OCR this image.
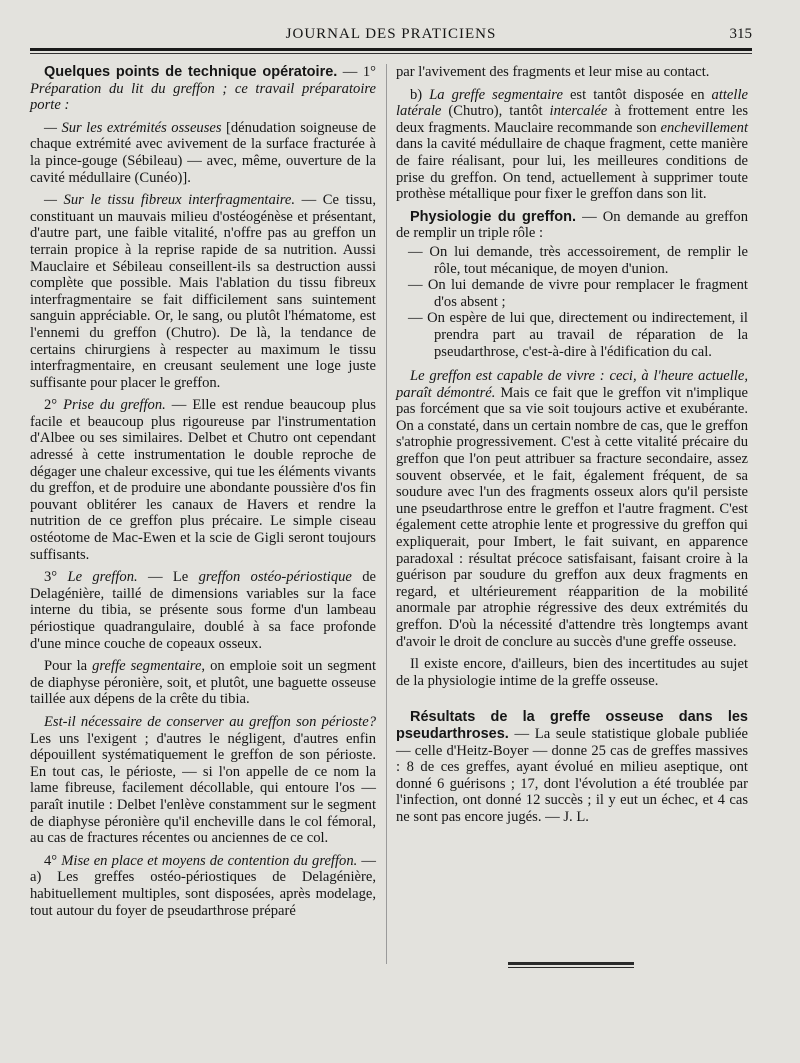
JOURNAL DES PRATICIENS	315

Quelques points de technique opératoire. — 1° Préparation du lit du greffon ; ce travail préparatoire porte :

— Sur les extrémités osseuses [dénudation soigneuse de chaque extrémité avec avivement de la surface fracturée à la pince-gouge (Sébileau) — avec, même, ouverture de la cavité médullaire (Cunéo)].

— Sur le tissu fibreux interfragmentaire. — Ce tissu, constituant un mauvais milieu d'ostéogénèse et présentant, d'autre part, une faible vitalité, n'offre pas au greffon un terrain propice à la reprise rapide de sa nutrition. Aussi Mauclaire et Sébileau conseillent-ils sa destruction aussi complète que possible. Mais l'ablation du tissu fibreux interfragmentaire se fait difficilement sans suintement sanguin appréciable. Or, le sang, ou plutôt l'hématome, est l'ennemi du greffon (Chutro). De là, la tendance de certains chirurgiens à respecter au maximum le tissu interfragmentaire, en creusant seulement une loge juste suffisante pour placer le greffon.

2° Prise du greffon. — Elle est rendue beaucoup plus facile et beaucoup plus rigoureuse par l'instrumentation d'Albee ou ses similaires. Delbet et Chutro ont cependant adressé à cette instrumentation le double reproche de dégager une chaleur excessive, qui tue les éléments vivants du greffon, et de produire une abondante poussière d'os fin pouvant oblitérer les canaux de Havers et rendre la nutrition de ce greffon plus précaire. Le simple ciseau ostéotome de Mac-Ewen et la scie de Gigli seront toujours suffisants.

3° Le greffon. — Le greffon ostéo-périostique de Delagénière, taillé de dimensions variables sur la face interne du tibia, se présente sous forme d'un lambeau périostique quadrangulaire, doublé à sa face profonde d'une mince couche de copeaux osseux.

Pour la greffe segmentaire, on emploie soit un segment de diaphyse péronière, soit, et plutôt, une baguette osseuse taillée aux dépens de la crête du tibia.

Est-il nécessaire de conserver au greffon son périoste? Les uns l'exigent ; d'autres le négligent, d'autres enfin dépouillent systématiquement le greffon de son périoste. En tout cas, le périoste, — si l'on appelle de ce nom la lame fibreuse, facilement décollable, qui entoure l'os — paraît inutile : Delbet l'enlève constamment sur le segment de diaphyse péronière qu'il encheville dans le col fémoral, au cas de fractures récentes ou anciennes de ce col.

4° Mise en place et moyens de contention du greffon. — a) Les greffes ostéo-périostiques de Delagénière, habituellement multiples, sont disposées, après modelage, tout autour du foyer de pseudarthrose préparé

par l'avivement des fragments et leur mise au contact.

b) La greffe segmentaire est tantôt disposée en attelle latérale (Chutro), tantôt intercalée à frottement entre les deux fragments. Mauclaire recommande son enchevillement dans la cavité médullaire de chaque fragment, cette manière de faire réalisant, pour lui, les meilleures conditions de prise du greffon. On tend, actuellement à supprimer toute prothèse métallique pour fixer le greffon dans son lit.

Physiologie du greffon. — On demande au greffon de remplir un triple rôle :

— On lui demande, très accessoirement, de remplir le rôle, tout mécanique, de moyen d'union.

— On lui demande de vivre pour remplacer le fragment d'os absent ;

— On espère de lui que, directement ou indirectement, il prendra part au travail de réparation de la pseudarthrose, c'est-à-dire à l'édification du cal.

Le greffon est capable de vivre : ceci, à l'heure actuelle, paraît démontré. Mais ce fait que le greffon vit n'implique pas forcément que sa vie soit toujours active et exubérante. On a constaté, dans un certain nombre de cas, que le greffon s'atrophie progressivement. C'est à cette vitalité précaire du greffon que l'on peut attribuer sa fracture secondaire, assez souvent observée, et le fait, également fréquent, de sa soudure avec l'un des fragments osseux alors qu'il persiste une pseudarthrose entre le greffon et l'autre fragment. C'est également cette atrophie lente et progressive du greffon qui expliquerait, pour Imbert, le fait suivant, en apparence paradoxal : résultat précoce satisfaisant, faisant croire à la guérison par soudure du greffon aux deux fragments en regard, et ultérieurement réapparition de la mobilité anormale par atrophie régressive des deux extrémités du greffon. D'où la nécessité d'attendre très longtemps avant d'avoir le droit de conclure au succès d'une greffe osseuse.

Il existe encore, d'ailleurs, bien des incertitudes au sujet de la physiologie intime de la greffe osseuse.

Résultats de la greffe osseuse dans les pseudarthroses. — La seule statistique globale publiée — celle d'Heitz-Boyer — donne 25 cas de greffes massives : 8 de ces greffes, ayant évolué en milieu aseptique, ont donné 6 guérisons ; 17, dont l'évolution a été troublée par l'infection, ont donné 12 succès ; il y eut un échec, et 4 cas ne sont pas encore jugés. — J. L.
